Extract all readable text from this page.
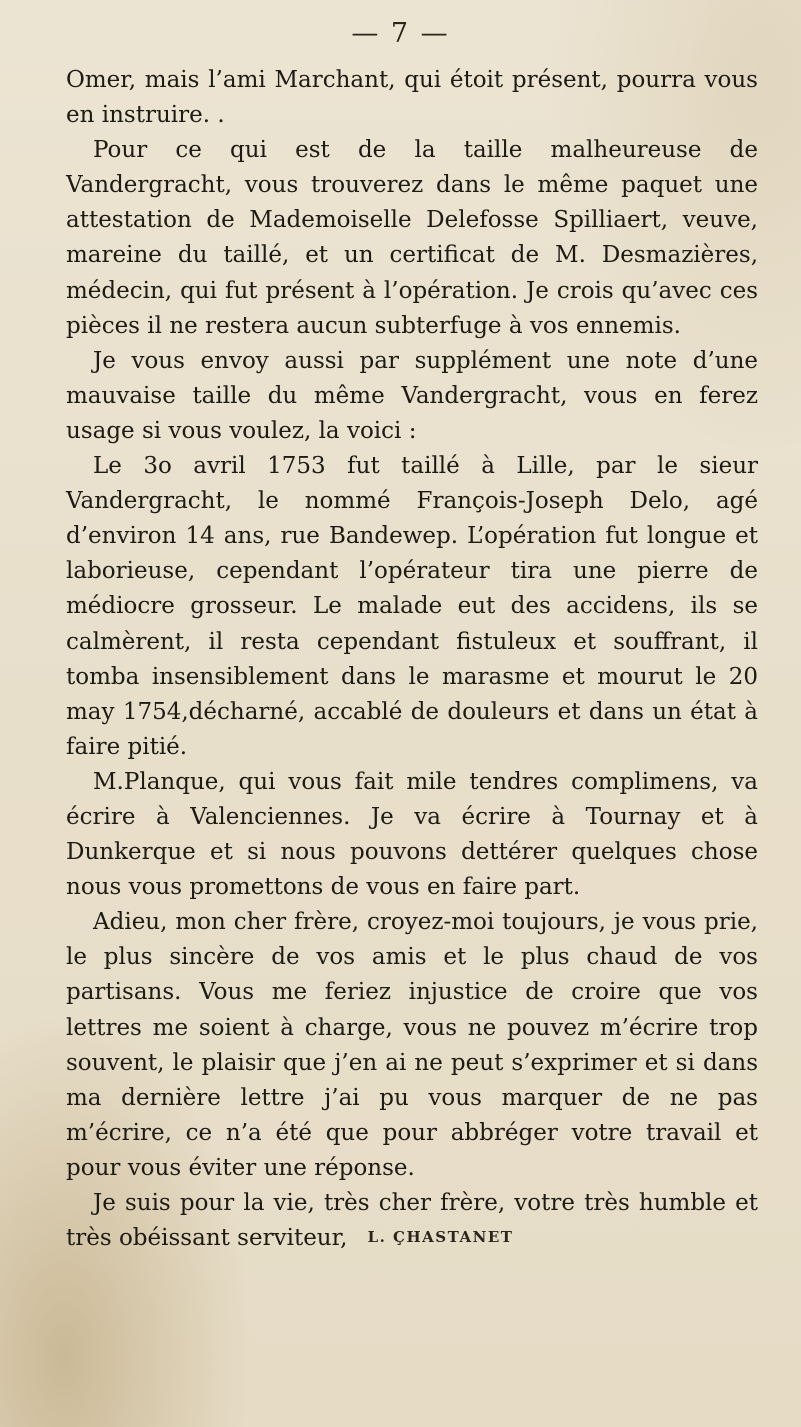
— 7 —

Omer, mais l’ami Marchant, qui étoit présent, pourra vous en instruire. .

Pour ce qui est de la taille malheureuse de Vandergracht, vous trouverez dans le même paquet une attestation de Mademoiselle Delefosse Spilliaert, veuve, mareine du taillé, et un certificat de M. Desmazières, médecin, qui fut présent à l’opération. Je crois qu’avec ces pièces il ne restera aucun subterfuge à vos ennemis.

Je vous envoy aussi par supplément une note d’une mauvaise taille du même Vandergracht, vous en ferez usage si vous voulez, la voici :

Le 3o avril 1753 fut taillé à Lille, par le sieur Vandergracht, le nommé François-Joseph Delo, agé d’environ 14 ans, rue Bandewep. L’opération fut longue et laborieuse, cependant l’opérateur tira une pierre de médiocre grosseur. Le malade eut des accidens, ils se calmèrent, il resta cependant fistuleux et souffrant, il tomba insensiblement dans le marasme et mourut le 20 may 1754,décharné, accablé de douleurs et dans un état à faire pitié.

M.Planque, qui vous fait mile tendres complimens, va écrire à Valenciennes. Je va écrire à Tournay et à Dunkerque et si nous pouvons dettérer quelques chose nous vous promettons de vous en faire part.

Adieu, mon cher frère, croyez-moi toujours, je vous prie, le plus sincère de vos amis et le plus chaud de vos partisans. Vous me feriez injustice de croire que vos lettres me soient à charge, vous ne pouvez m’écrire trop souvent, le plaisir que j’en ai ne peut s’exprimer et si dans ma dernière lettre j’ai pu vous marquer de ne pas m’écrire, ce n’a été que pour abbréger votre travail et pour vous éviter une réponse.

Je suis pour la vie, très cher frère, votre très humble et très obéissant serviteur,	L. ÇHASTANET
